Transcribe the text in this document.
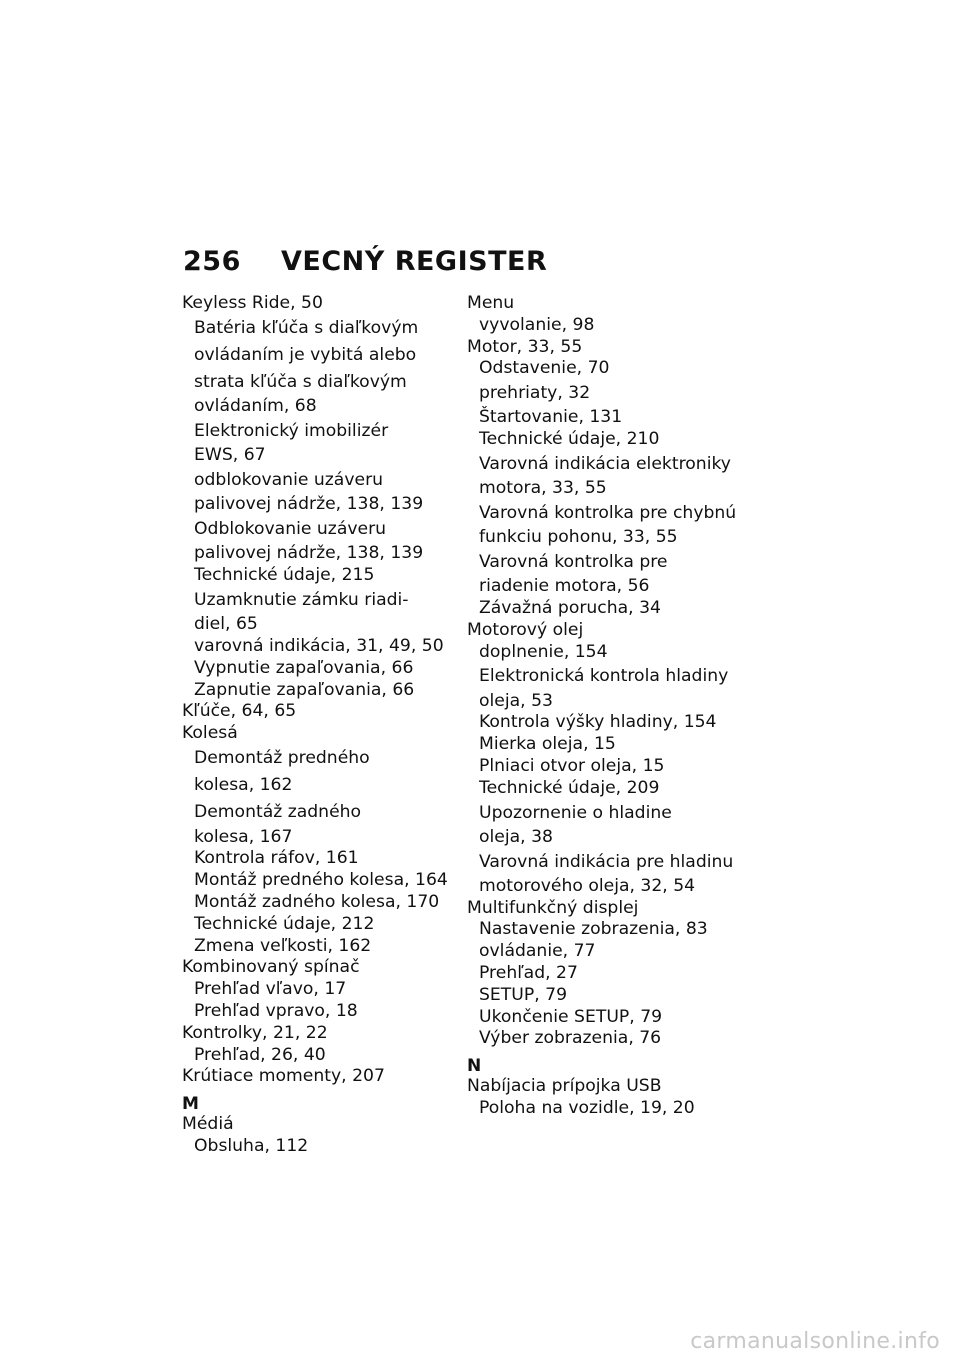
256	VECNÝ REGISTER
Keyless Ride, 50
Batéria kľúča s diaľkovým
ovládaním je vybitá alebo
strata kľúča s diaľkovým
ovládaním, 68
Elektronický imobilizér
EWS, 67
odblokovanie uzáveru
palivovej nádrže, 138, 139
Odblokovanie uzáveru
palivovej nádrže, 138, 139
Technické údaje, 215
Uzamknutie zámku riadi-
diel, 65
varovná indikácia, 31, 49, 50
Vypnutie zapaľovania, 66
Zapnutie zapaľovania, 66
Kľúče, 64, 65
Kolesá
Demontáž predného
kolesa, 162
Demontáž zadného
kolesa, 167
Kontrola ráfov, 161
Montáž predného kolesa, 164
Montáž zadného kolesa, 170
Technické údaje, 212
Zmena veľkosti, 162
Kombinovaný spínač
Prehľad vľavo, 17
Prehľad vpravo, 18
Kontrolky, 21, 22
Prehľad, 26, 40
Krútiace momenty, 207
M
Médiá
Obsluha, 112
Menu
vyvolanie, 98
Motor, 33, 55
Odstavenie, 70
prehriaty, 32
Štartovanie, 131
Technické údaje, 210
Varovná indikácia elektroniky
motora, 33, 55
Varovná kontrolka pre chybnú
funkciu pohonu, 33, 55
Varovná kontrolka pre
riadenie motora, 56
Závažná porucha, 34
Motorový olej
doplnenie, 154
Elektronická kontrola hladiny
oleja, 53
Kontrola výšky hladiny, 154
Mierka oleja, 15
Plniaci otvor oleja, 15
Technické údaje, 209
Upozornenie o hladine
oleja, 38
Varovná indikácia pre hladinu
motorového oleja, 32, 54
Multifunkčný displej
Nastavenie zobrazenia, 83
ovládanie, 77
Prehľad, 27
SETUP, 79
Ukončenie SETUP, 79
Výber zobrazenia, 76
N
Nabíjacia prípojka USB
Poloha na vozidle, 19, 20
carmanualsonline.info
